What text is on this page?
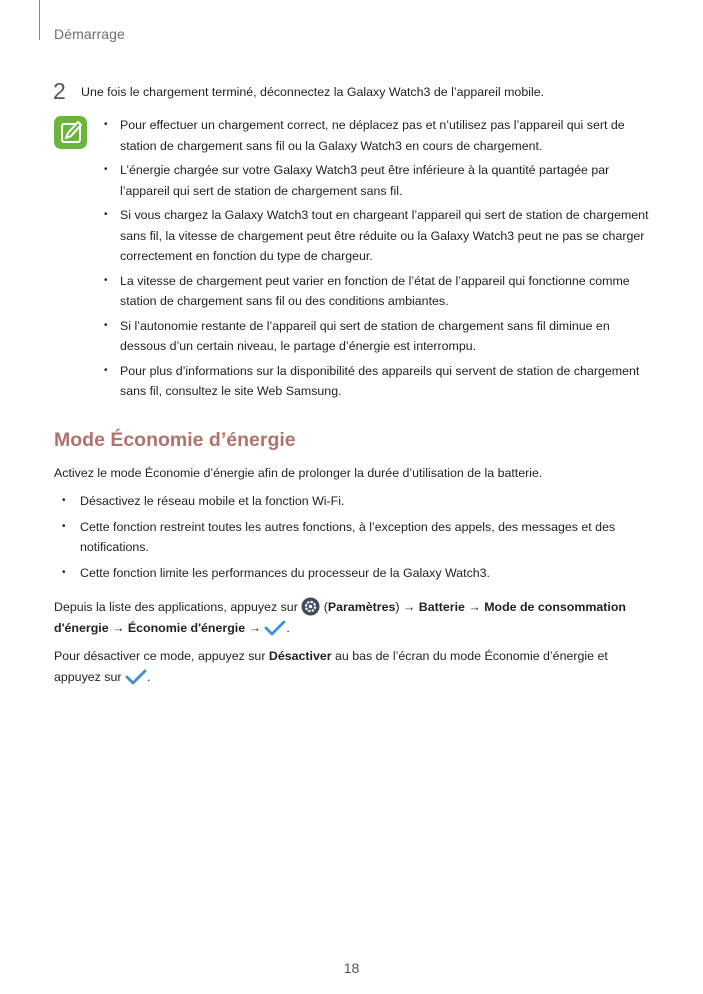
Démarrage
2 Une fois le chargement terminé, déconnectez la Galaxy Watch3 de l’appareil mobile.
• Pour effectuer un chargement correct, ne déplacez pas et n’utilisez pas l’appareil qui sert de station de chargement sans fil ou la Galaxy Watch3 en cours de chargement.
• L’énergie chargée sur votre Galaxy Watch3 peut être inférieure à la quantité partagée par l’appareil qui sert de station de chargement sans fil.
• Si vous chargez la Galaxy Watch3 tout en chargeant l’appareil qui sert de station de chargement sans fil, la vitesse de chargement peut être réduite ou la Galaxy Watch3 peut ne pas se charger correctement en fonction du type de chargeur.
• La vitesse de chargement peut varier en fonction de l’état de l’appareil qui fonctionne comme station de chargement sans fil ou des conditions ambiantes.
• Si l’autonomie restante de l’appareil qui sert de station de chargement sans fil diminue en dessous d’un certain niveau, le partage d’énergie est interrompu.
• Pour plus d’informations sur la disponibilité des appareils qui servent de station de chargement sans fil, consultez le site Web Samsung.
Mode Économie d’énergie
Activez le mode Économie d’énergie afin de prolonger la durée d’utilisation de la batterie.
• Désactivez le réseau mobile et la fonction Wi-Fi.
• Cette fonction restreint toutes les autres fonctions, à l’exception des appels, des messages et des notifications.
• Cette fonction limite les performances du processeur de la Galaxy Watch3.

Depuis la liste des applications, appuyez sur  (Paramètres) → Batterie → Mode de consommation d'énergie → Économie d'énergie → .

Pour désactiver ce mode, appuyez sur Désactiver au bas de l’écran du mode Économie d’énergie et appuyez sur .

18
